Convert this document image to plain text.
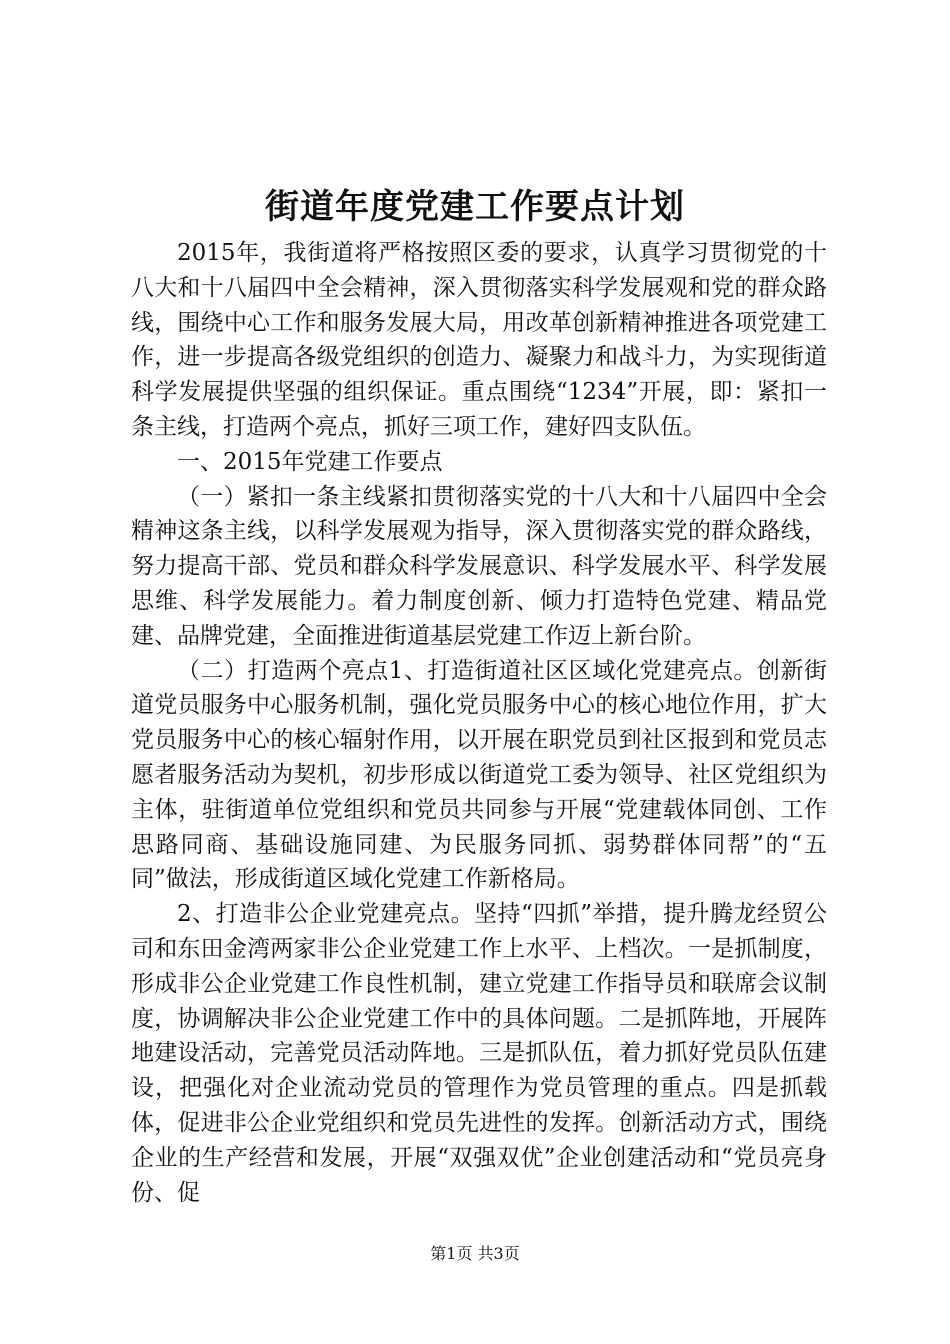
街道年度党建工作要点计划

2015年，我街道将严格按照区委的要求，认真学习贯彻党的十八大和十八届四中全会精神，深入贯彻落实科学发展观和党的群众路线，围绕中心工作和服务发展大局，用改革创新精神推进各项党建工作，进一步提高各级党组织的创造力、凝聚力和战斗力，为实现街道科学发展提供坚强的组织保证。重点围绕“1234”开展，即：紧扣一条主线，打造两个亮点，抓好三项工作，建好四支队伍。

一、2015年党建工作要点

（一）紧扣一条主线紧扣贯彻落实党的十八大和十八届四中全会精神这条主线，以科学发展观为指导，深入贯彻落实党的群众路线，努力提高干部、党员和群众科学发展意识、科学发展水平、科学发展思维、科学发展能力。着力制度创新、倾力打造特色党建、精品党建、品牌党建，全面推进街道基层党建工作迈上新台阶。

（二）打造两个亮点1、打造街道社区区域化党建亮点。创新街道党员服务中心服务机制，强化党员服务中心的核心地位作用，扩大党员服务中心的核心辐射作用，以开展在职党员到社区报到和党员志愿者服务活动为契机，初步形成以街道党工委为领导、社区党组织为主体，驻街道单位党组织和党员共同参与开展“党建载体同创、工作思路同商、基础设施同建、为民服务同抓、弱势群体同帮”的“五同”做法，形成街道区域化党建工作新格局。

2、打造非公企业党建亮点。坚持“四抓”举措，提升腾龙经贸公司和东田金湾两家非公企业党建工作上水平、上档次。一是抓制度，形成非公企业党建工作良性机制，建立党建工作指导员和联席会议制度，协调解决非公企业党建工作中的具体问题。二是抓阵地，开展阵地建设活动，完善党员活动阵地。三是抓队伍，着力抓好党员队伍建设，把强化对企业流动党员的管理作为党员管理的重点。四是抓载体，促进非公企业党组织和党员先进性的发挥。创新活动方式，围绕企业的生产经营和发展，开展“双强双优”企业创建活动和“党员亮身份、促

第1页 共3页
